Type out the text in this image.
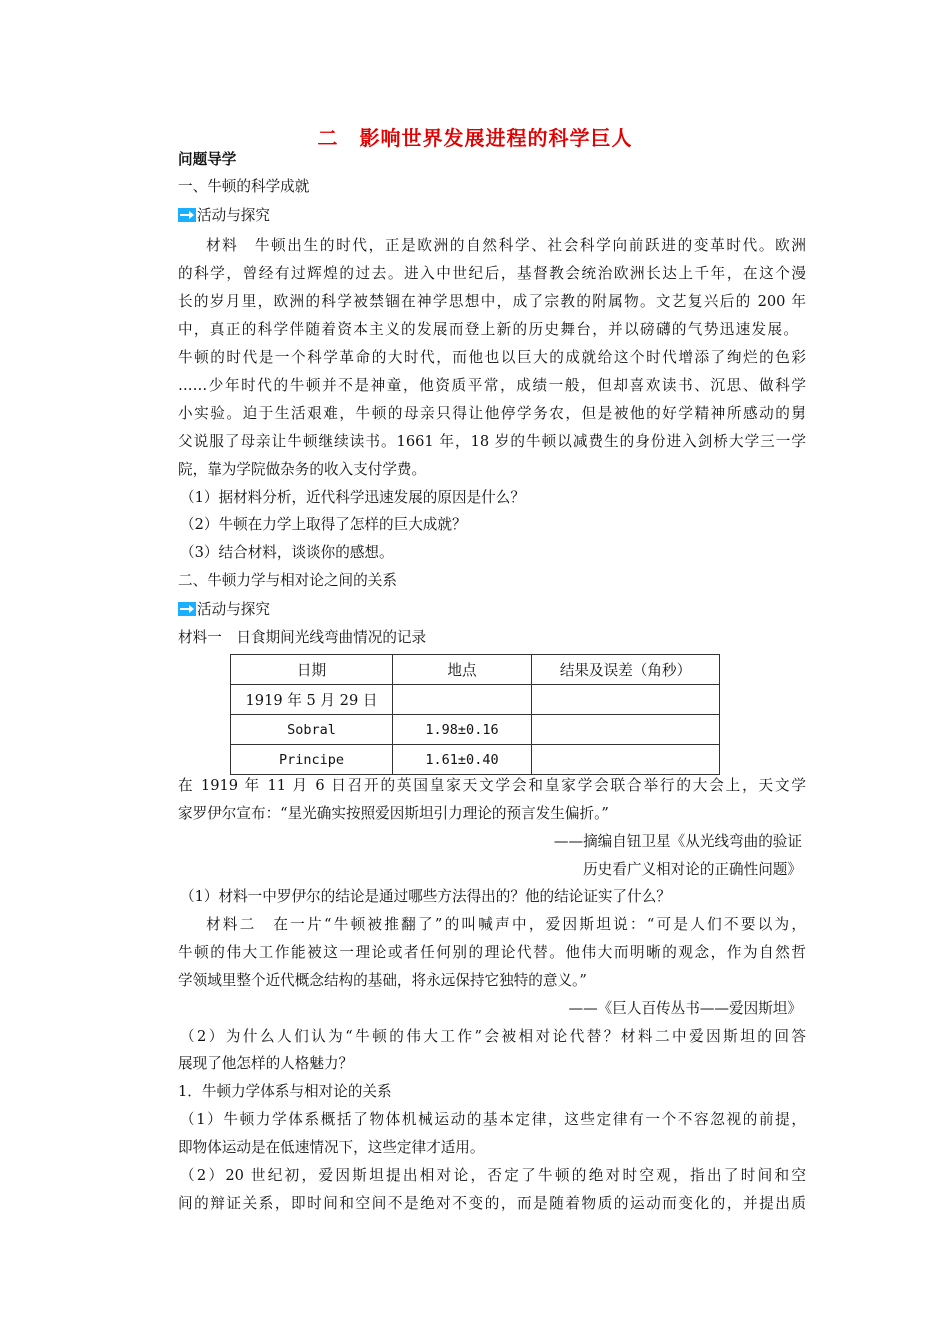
二　影响世界发展进程的科学巨人
问题导学
一、牛顿的科学成就
活动与探究
材料　牛顿出生的时代，正是欧洲的自然科学、社会科学向前跃进的变革时代。欧洲
的科学，曾经有过辉煌的过去。进入中世纪后，基督教会统治欧洲长达上千年，在这个漫
长的岁月里，欧洲的科学被禁锢在神学思想中，成了宗教的附属物。文艺复兴后的 200 年
中，真正的科学伴随着资本主义的发展而登上新的历史舞台，并以磅礴的气势迅速发展。
牛顿的时代是一个科学革命的大时代，而他也以巨大的成就给这个时代增添了绚烂的色彩
……少年时代的牛顿并不是神童，他资质平常，成绩一般，但却喜欢读书、沉思、做科学
小实验。迫于生活艰难，牛顿的母亲只得让他停学务农，但是被他的好学精神所感动的舅
父说服了母亲让牛顿继续读书。1661 年，18 岁的牛顿以减费生的身份进入剑桥大学三一学
院，靠为学院做杂务的收入支付学费。
（1）据材料分析，近代科学迅速发展的原因是什么？
（2）牛顿在力学上取得了怎样的巨大成就？
（3）结合材料，谈谈你的感想。
二、牛顿力学与相对论之间的关系
活动与探究
材料一　日食期间光线弯曲情况的记录
日期	地点	结果及误差（角秒）
1919 年 5 月 29 日		
Sobral	1.98±0.16	
Principe	1.61±0.40	
在 1919 年 11 月 6 日召开的英国皇家天文学会和皇家学会联合举行的大会上，天文学
家罗伊尔宣布：“星光确实按照爱因斯坦引力理论的预言发生偏折。”
——摘编自钮卫星《从光线弯曲的验证
历史看广义相对论的正确性问题》
（1）材料一中罗伊尔的结论是通过哪些方法得出的？他的结论证实了什么？
材料二　在一片“牛顿被推翻了”的叫喊声中，爱因斯坦说：“可是人们不要以为，
牛顿的伟大工作能被这一理论或者任何别的理论代替。他伟大而明晰的观念，作为自然哲
学领域里整个近代概念结构的基础，将永远保持它独特的意义。”
——《巨人百传丛书——爱因斯坦》
（2）为什么人们认为“牛顿的伟大工作”会被相对论代替？材料二中爱因斯坦的回答
展现了他怎样的人格魅力？
1．牛顿力学体系与相对论的关系
（1）牛顿力学体系概括了物体机械运动的基本定律，这些定律有一个不容忽视的前提，
即物体运动是在低速情况下，这些定律才适用。
（2）20 世纪初，爱因斯坦提出相对论，否定了牛顿的绝对时空观，指出了时间和空
间的辩证关系，即时间和空间不是绝对不变的，而是随着物质的运动而变化的，并提出质
